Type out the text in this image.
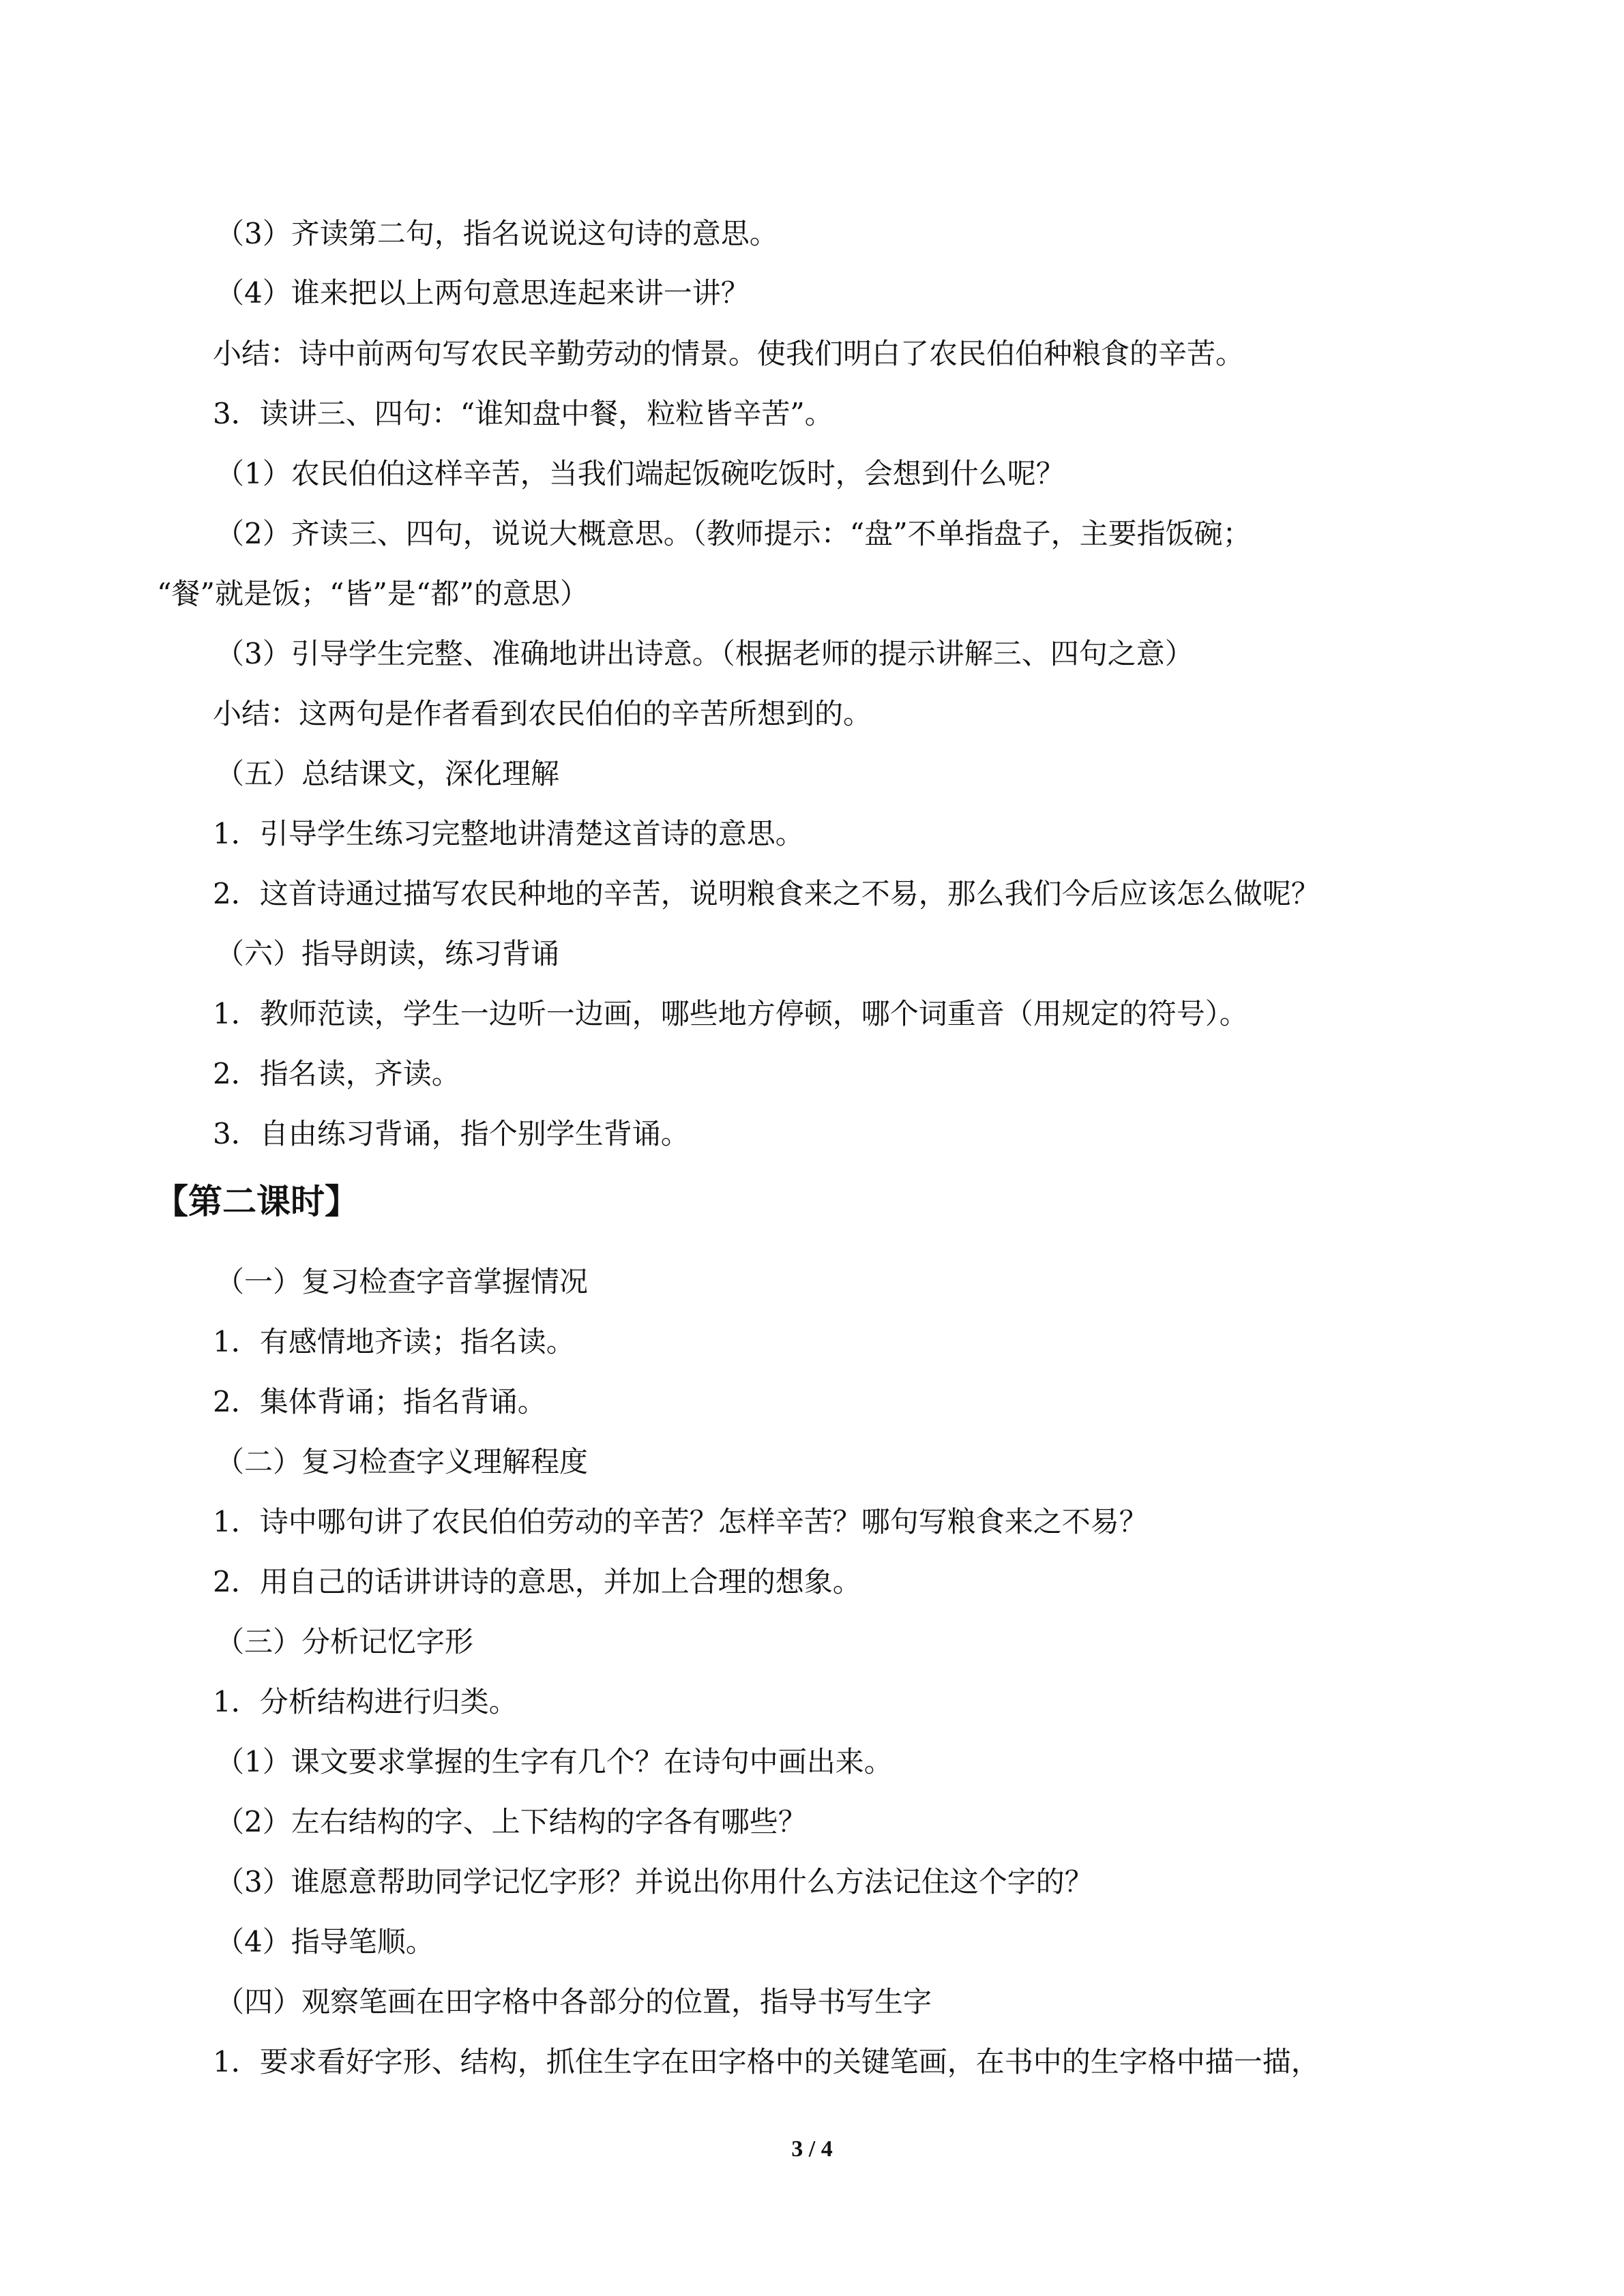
（3）齐读第二句，指名说说这句诗的意思。
（4）谁来把以上两句意思连起来讲一讲？
小结：诗中前两句写农民辛勤劳动的情景。使我们明白了农民伯伯种粮食的辛苦。
3．读讲三、四句：“谁知盘中餐，粒粒皆辛苦”。
（1）农民伯伯这样辛苦，当我们端起饭碗吃饭时，会想到什么呢？
（2）齐读三、四句，说说大概意思。（教师提示：“盘”不单指盘子，主要指饭碗；
“餐”就是饭；“皆”是“都”的意思）
（3）引导学生完整、准确地讲出诗意。（根据老师的提示讲解三、四句之意）
小结：这两句是作者看到农民伯伯的辛苦所想到的。
（五）总结课文，深化理解
1．引导学生练习完整地讲清楚这首诗的意思。
2．这首诗通过描写农民种地的辛苦，说明粮食来之不易，那么我们今后应该怎么做呢？
（六）指导朗读，练习背诵
1．教师范读，学生一边听一边画，哪些地方停顿，哪个词重音（用规定的符号）。
2．指名读，齐读。
3．自由练习背诵，指个别学生背诵。
【第二课时】
（一）复习检查字音掌握情况
1．有感情地齐读；指名读。
2．集体背诵；指名背诵。
（二）复习检查字义理解程度
1．诗中哪句讲了农民伯伯劳动的辛苦？怎样辛苦？哪句写粮食来之不易？
2．用自己的话讲讲诗的意思，并加上合理的想象。
（三）分析记忆字形
1．分析结构进行归类。
（1）课文要求掌握的生字有几个？在诗句中画出来。
（2）左右结构的字、上下结构的字各有哪些？
（3）谁愿意帮助同学记忆字形？并说出你用什么方法记住这个字的？
（4）指导笔顺。
（四）观察笔画在田字格中各部分的位置，指导书写生字
1．要求看好字形、结构，抓住生字在田字格中的关键笔画，在书中的生字格中描一描，
3 / 4
